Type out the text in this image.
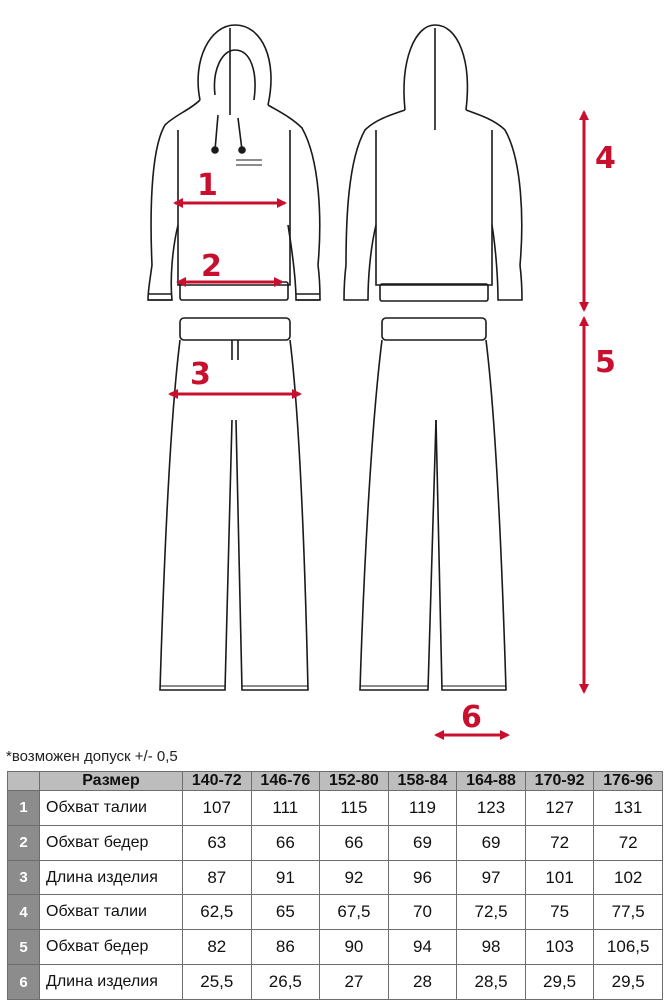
1
2
3
4
5
6
*возможен допуск +/- 0,5
	Размер	140-72	146-76	152-80	158-84	164-88	170-92	176-96
1	Обхват талии	107	111	115	119	123	127	131
2	Обхват бедер	63	66	66	69	69	72	72
3	Длина изделия	87	91	92	96	97	101	102
4	Обхват талии	62,5	65	67,5	70	72,5	75	77,5
5	Обхват бедер	82	86	90	94	98	103	106,5
6	Длина изделия	25,5	26,5	27	28	28,5	29,5	29,5
